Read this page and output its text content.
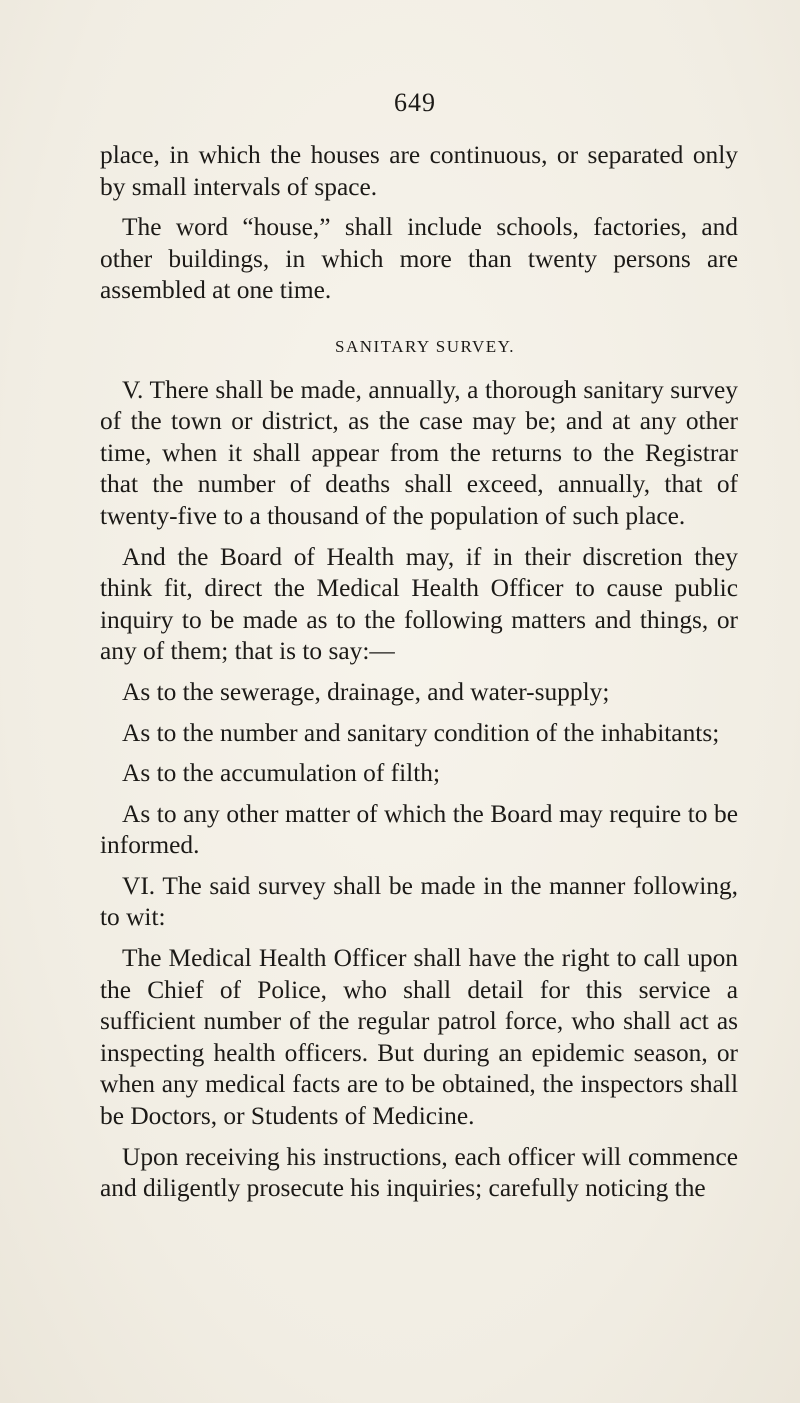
649

place, in which the houses are continuous, or separated only by small intervals of space.

The word “house,” shall include schools, factories, and other buildings, in which more than twenty persons are assembled at one time.

SANITARY SURVEY.

V. There shall be made, annually, a thorough sanitary survey of the town or district, as the case may be; and at any other time, when it shall appear from the returns to the Registrar that the number of deaths shall exceed, annually, that of twenty-five to a thousand of the population of such place.

And the Board of Health may, if in their discretion they think fit, direct the Medical Health Officer to cause public inquiry to be made as to the following matters and things, or any of them; that is to say:—

As to the sewerage, drainage, and water-supply;

As to the number and sanitary condition of the inhabitants;

As to the accumulation of filth;

As to any other matter of which the Board may require to be informed.

VI. The said survey shall be made in the manner following, to wit:

The Medical Health Officer shall have the right to call upon the Chief of Police, who shall detail for this service a sufficient number of the regular patrol force, who shall act as inspecting health officers. But during an epidemic season, or when any medical facts are to be obtained, the inspectors shall be Doctors, or Students of Medicine.

Upon receiving his instructions, each officer will commence and diligently prosecute his inquiries; carefully noticing the
